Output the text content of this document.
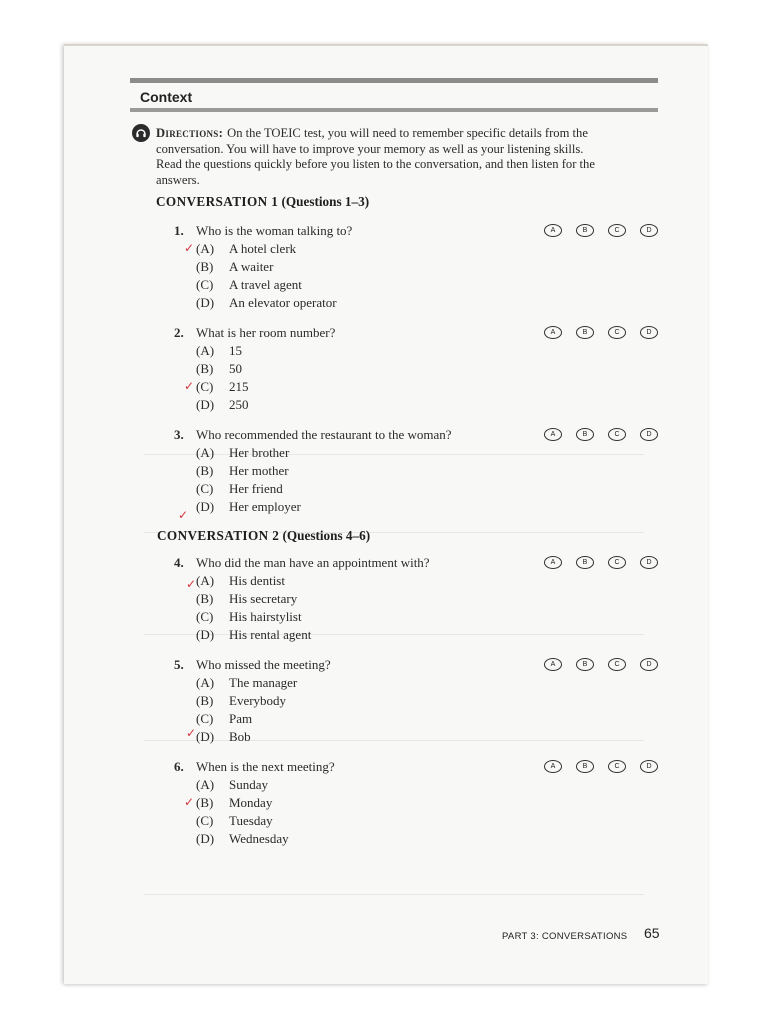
Context
Directions: On the TOEIC test, you will need to remember specific details from the
conversation. You will have to improve your memory as well as your listening skills.
Read the questions quickly before you listen to the conversation, and then listen for the
answers.
CONVERSATION 1 (Questions 1–3)
1. Who is the woman talking to?	A	B	C	D
✓ (A) A hotel clerk
(B) A waiter
(C) A travel agent
(D) An elevator operator
2. What is her room number?	A	B	C	D
(A) 15
(B) 50
✓ (C) 215
(D) 250
3. Who recommended the restaurant to the woman?	A	B	C	D
(A) Her brother
(B) Her mother
(C) Her friend
✓
(D) Her employer
CONVERSATION 2 (Questions 4–6)
4. Who did the man have an appointment with?	A	B	C	D
✓ (A) His dentist
(B) His secretary
(C) His hairstylist
(D) His rental agent
5. Who missed the meeting?	A	B	C	D
(A) The manager
(B) Everybody
(C) Pam
✓ (D) Bob
6. When is the next meeting?	A	B	C	D
(A) Sunday
✓ (B) Monday
(C) Tuesday
(D) Wednesday
PART 3: CONVERSATIONS 65
